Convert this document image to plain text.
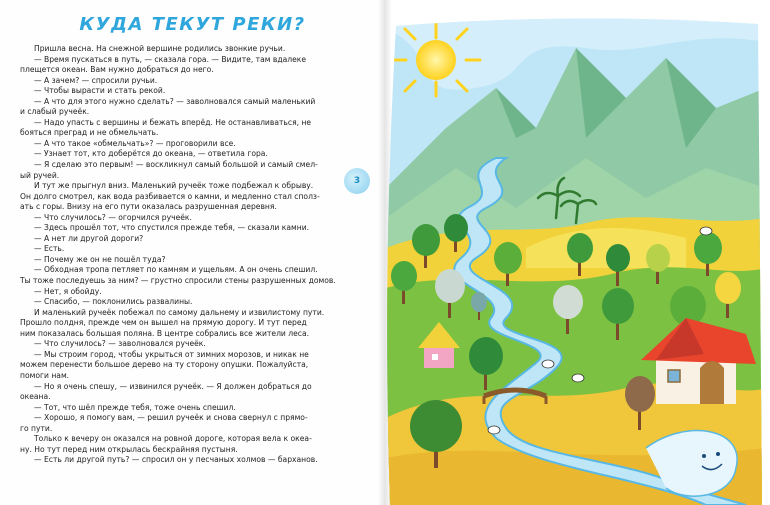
КУДА ТЕКУТ РЕКИ?
Пришла весна. На снежной вершине родились звонкие ручьи.
— Время пускаться в путь, — сказала гора. — Видите, там вдалеке
плещется океан. Вам нужно добраться до него.
— А зачем? — спросили ручьи.
— Чтобы вырасти и стать рекой.
— А что для этого нужно сделать? — заволновался самый маленький
и слабый ручеёк.
— Надо упасть с вершины и бежать вперёд. Не останавливаться, не
бояться преград и не обмельчать.
— А что такое «обмельчать»? — проговорили все.
— Узнает тот, кто доберётся до океана, — ответила гора.
— Я сделаю это первым! — воскликнул самый большой и самый смел-
ый ручей.
И тут же прыгнул вниз. Маленький ручеёк тоже подбежал к обрыву.
Он долго смотрел, как вода разбивается о камни, и медленно стал сполз-
ать с горы. Внизу на его пути оказалась разрушенная деревня.
— Что случилось? — огорчился ручеёк.
— Здесь прошёл тот, что спустился прежде тебя, — сказали камни.
— А нет ли другой дороги?
— Есть.
— Почему же он не пошёл туда?
— Обходная тропа петляет по камням и ущельям. А он очень спешил.
Ты тоже последуешь за ним? — грустно спросили стены разрушенных домов.
— Нет, я обойду.
— Спасибо, — поклонились развалины.
И маленький ручеёк побежал по самому дальнему и извилистому пути.
Прошло полдня, прежде чем он вышел на прямую дорогу. И тут перед
ним показалась большая поляна. В центре собрались все жители леса.
— Что случилось? — заволновался ручеёк.
— Мы строим город, чтобы укрыться от зимних морозов, и никак не
можем перенести большое дерево на ту сторону опушки. Пожалуйста,
помоги нам.
— Но я очень спешу, — извинился ручеёк. — Я должен добраться до
океана.
— Тот, что шёл прежде тебя, тоже очень спешил.
— Хорошо, я помогу вам, — решил ручеёк и снова свернул с прямо-
го пути.
Только к вечеру он оказался на ровной дороге, которая вела к океа-
ну. Но тут перед ним открылась бескрайняя пустыня.
— Есть ли другой путь? — спросил он у песчаных холмов — барханов.
3
